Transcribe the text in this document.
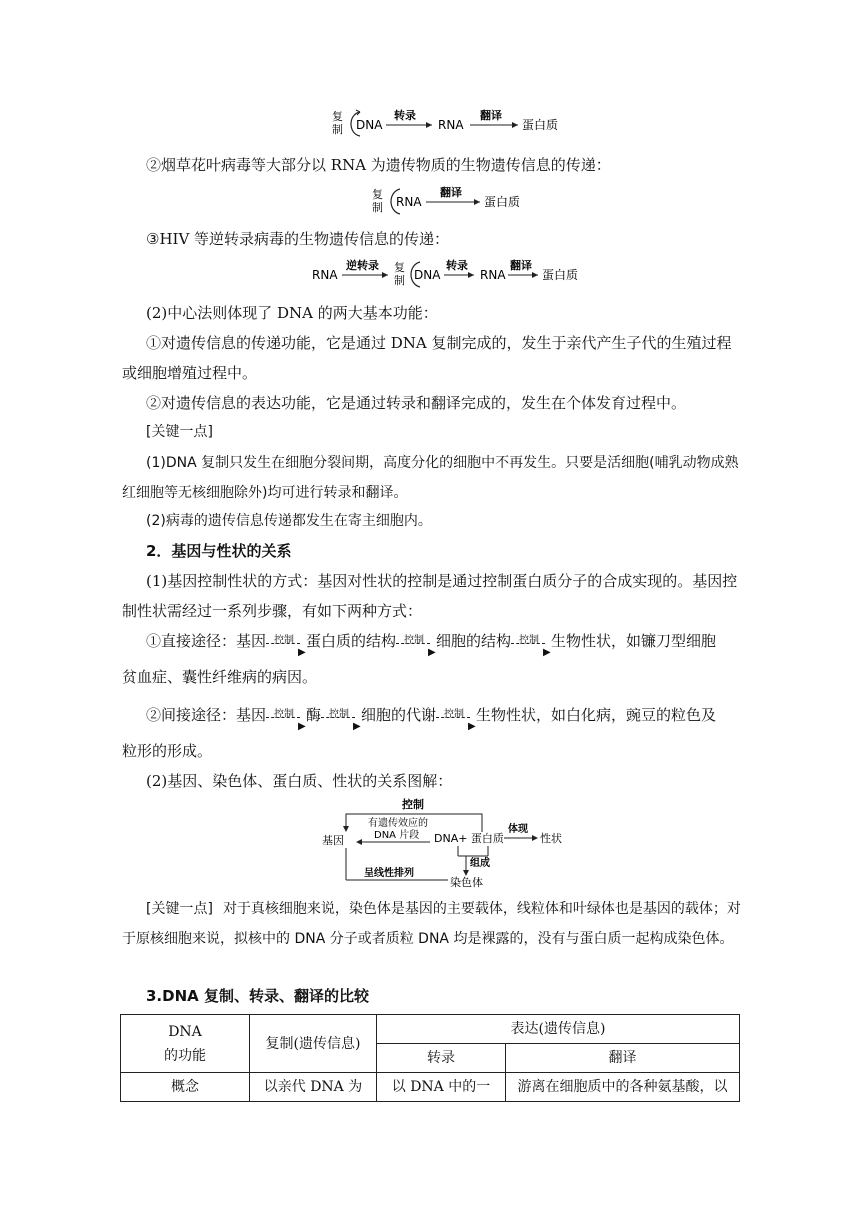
复
制 DNA
转录
RNA
翻译
蛋白质
②烟草花叶病毒等大部分以 RNA 为遗传物质的生物遗传信息的传递：
复
制 RNA
翻译
蛋白质
③HIV 等逆转录病毒的生物遗传信息的传递：
RNA
逆转录 复
制 DNA
转录
RNA
翻译
蛋白质
(2)中心法则体现了 DNA 的两大基本功能：
①对遗传信息的传递功能，它是通过 DNA 复制完成的，发生于亲代产生子代的生殖过程或细胞增殖过程中。
②对遗传信息的表达功能，它是通过转录和翻译完成的，发生在个体发育过程中。
[关键一点]
(1)DNA 复制只发生在细胞分裂间期，高度分化的细胞中不再发生。只要是活细胞(哺乳动物成熟红细胞等无核细胞除外)均可进行转录和翻译。
(2)病毒的遗传信息传递都发生在寄主细胞内。
2．基因与性状的关系
(1)基因控制性状的方式：基因对性状的控制是通过控制蛋白质分子的合成实现的。基因控制性状需经过一系列步骤，有如下两种方式：
①直接途径：基因 控制
▶
蛋白质的结构 控制
▶
细胞的结构 控制
▶
生物性状，如镰刀型细胞
贫血症、囊性纤维病的病因。
②间接途径：基因 控制
▶
酶 控制
▶
细胞的代谢 控制
▶
生物性状，如白化病，豌豆的粒色及
粒形的形成。
(2)基因、染色体、蛋白质、性状的关系图解：
控制
有遗传效应的
DNA 片段
基因	DNA+ 蛋白质
体现
性状
组成
呈线性排列
染色体
[关键一点] 对于真核细胞来说，染色体是基因的主要载体，线粒体和叶绿体也是基因的载体；对于原核细胞来说，拟核中的 DNA 分子或者质粒 DNA 均是裸露的，没有与蛋白质一起构成染色体。
3.DNA 复制、转录、翻译的比较
DNA
的功能	复制(遗传信息)	表达(遗传信息)	
		转录	翻译
概念	以亲代 DNA 为	以 DNA 中的一	游离在细胞质中的各种氨基酸，以
